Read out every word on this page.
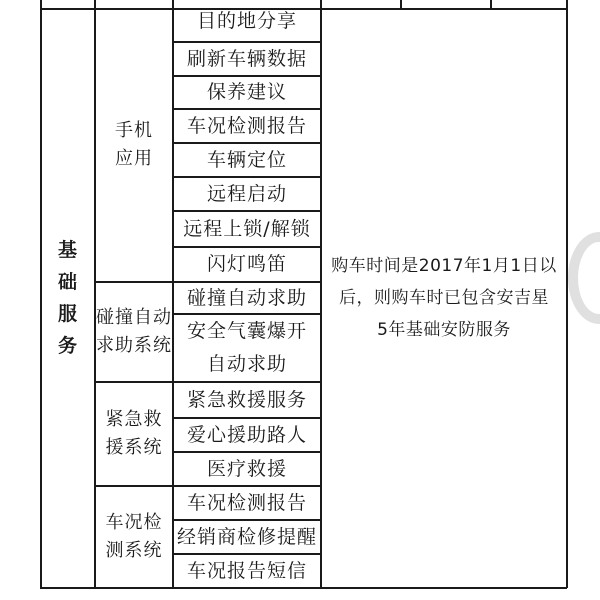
基
础
服
务
手机
应用
碰撞自动
求助系统
紧急救
援系统
车况检
测系统
目的地分享
刷新车辆数据
保养建议
车况检测报告
车辆定位
远程启动
远程上锁/解锁
闪灯鸣笛
碰撞自动求助
安全气囊爆开
自动求助
紧急救援服务
爱心援助路人
医疗救援
车况检测报告
经销商检修提醒
车况报告短信
购车时间是2017年1月1日以
后，则购车时已包含安吉星
5年基础安防服务
